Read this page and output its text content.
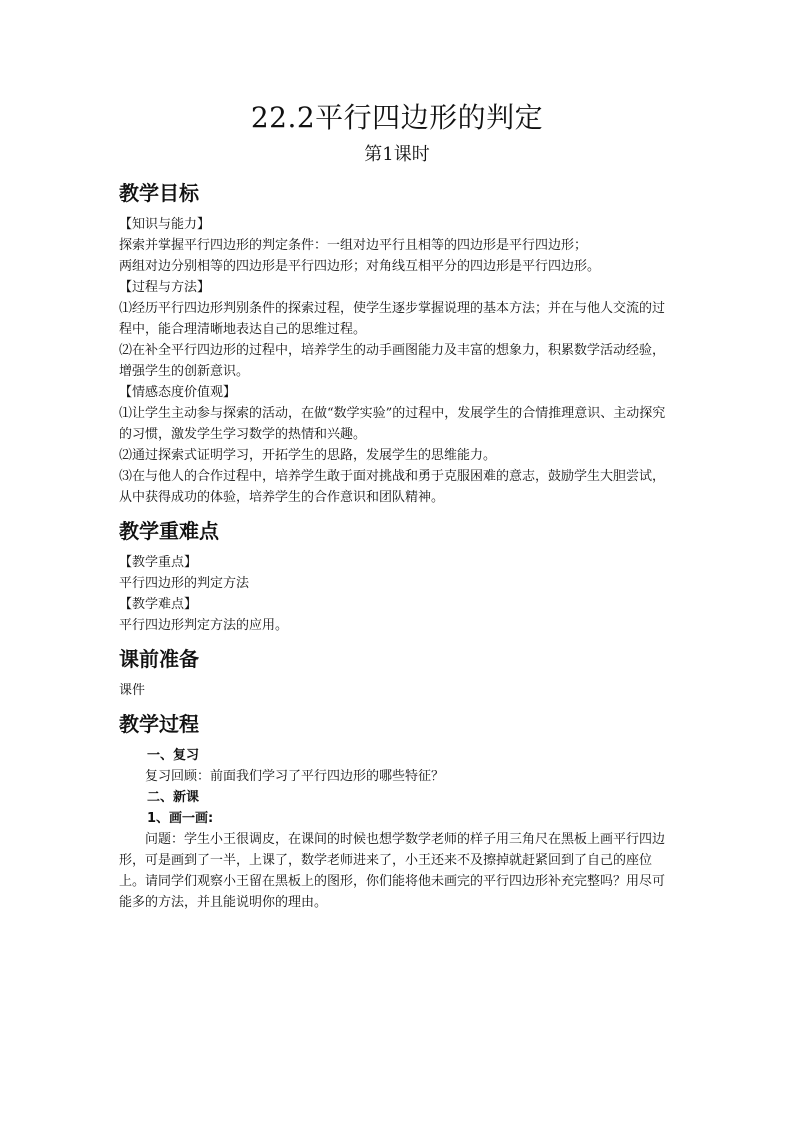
22.2平行四边形的判定
第1课时
教学目标
【知识与能力】
探索并掌握平行四边形的判定条件：一组对边平行且相等的四边形是平行四边形；
两组对边分别相等的四边形是平行四边形；对角线互相平分的四边形是平行四边形。
【过程与方法】
⑴经历平行四边形判别条件的探索过程，使学生逐步掌握说理的基本方法；并在与他人交流的过程中，能合理清晰地表达自己的思维过程。
⑵在补全平行四边形的过程中，培养学生的动手画图能力及丰富的想象力，积累数学活动经验，增强学生的创新意识。
【情感态度价值观】
⑴让学生主动参与探索的活动，在做“数学实验”的过程中，发展学生的合情推理意识、主动探究的习惯，激发学生学习数学的热情和兴趣。
⑵通过探索式证明学习，开拓学生的思路，发展学生的思维能力。
⑶在与他人的合作过程中，培养学生敢于面对挑战和勇于克服困难的意志，鼓励学生大胆尝试，从中获得成功的体验，培养学生的合作意识和团队精神。
教学重难点
【教学重点】
平行四边形的判定方法
【教学难点】
平行四边形判定方法的应用。
课前准备
课件
教学过程
一、复习
复习回顾：前面我们学习了平行四边形的哪些特征？
二、新课
1、画一画:
问题：学生小王很调皮，在课间的时候也想学数学老师的样子用三角尺在黑板上画平行四边形，可是画到了一半，上课了，数学老师进来了，小王还来不及擦掉就赶紧回到了自己的座位上。请同学们观察小王留在黑板上的图形，你们能将他未画完的平行四边形补充完整吗？用尽可能多的方法，并且能说明你的理由。
